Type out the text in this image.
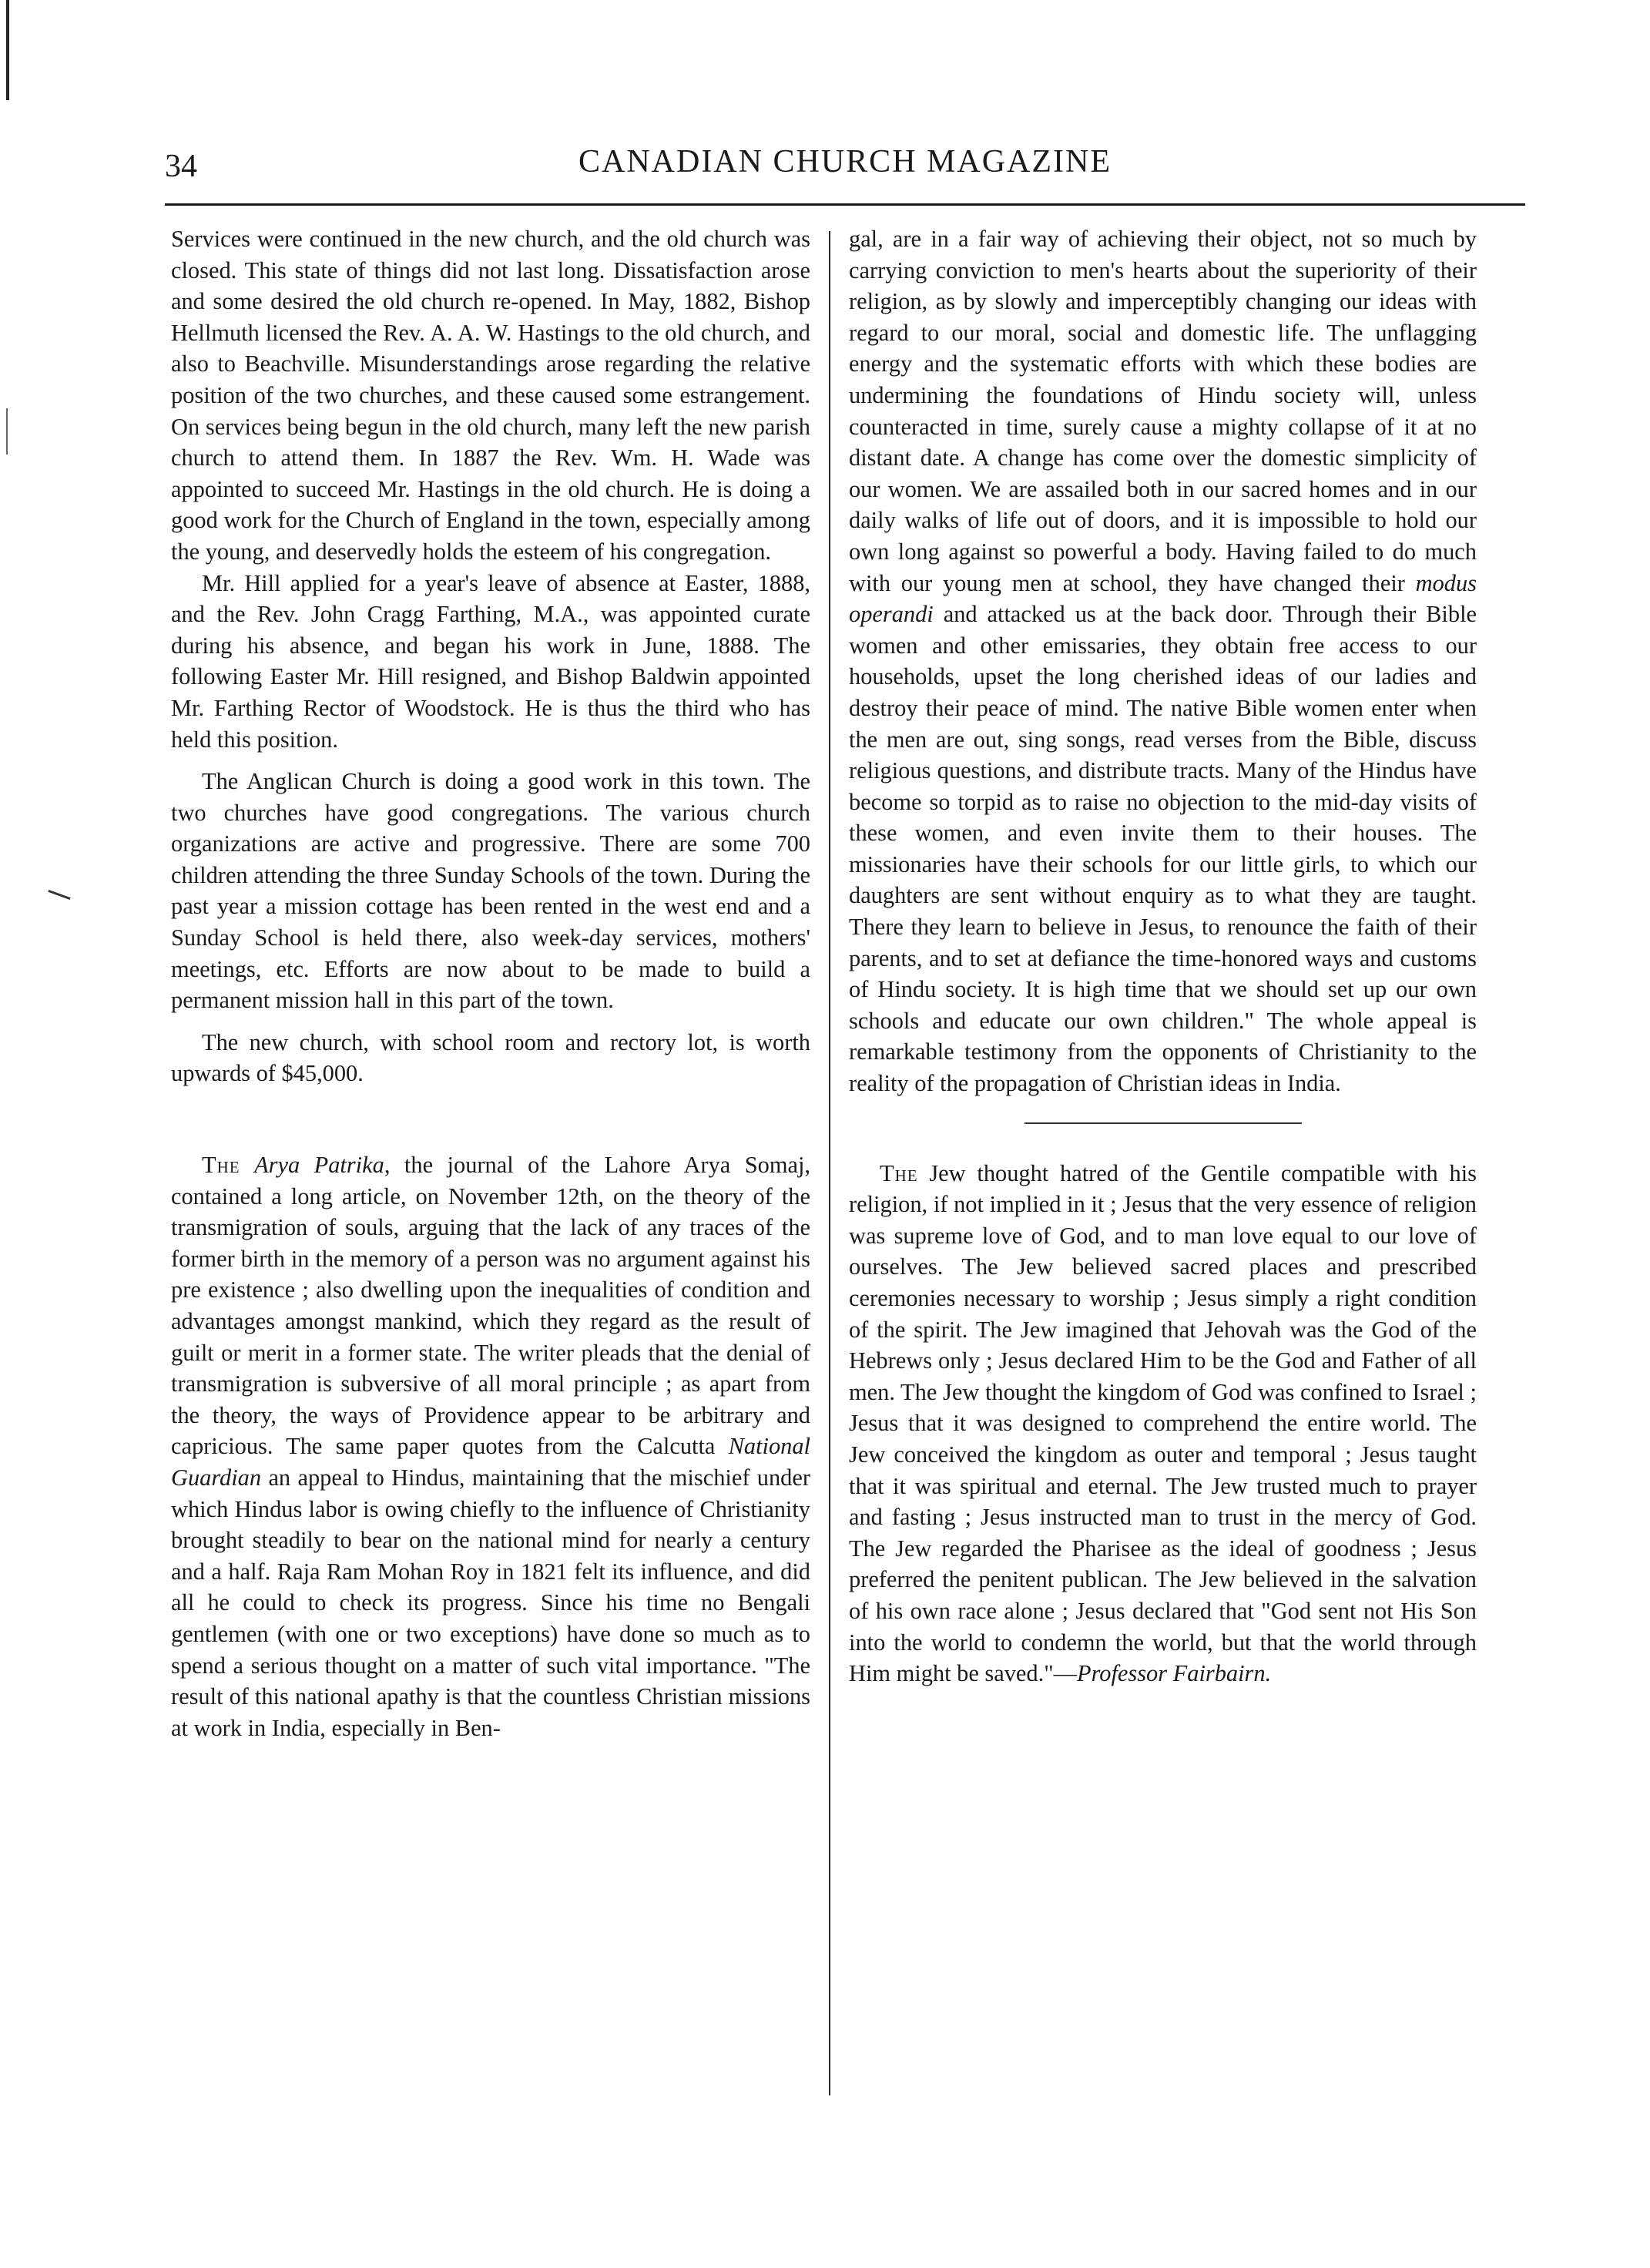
34	CANADIAN CHURCH MAGAZINE

Services were continued in the new church, and the old church was closed. This state of things did not last long. Dissatisfaction arose and some desired the old church re-opened. In May, 1882, Bishop Hellmuth licensed the Rev. A. A. W. Hastings to the old church, and also to Beachville. Misunderstandings arose regarding the relative position of the two churches, and these caused some estrangement. On services being begun in the old church, many left the new parish church to attend them. In 1887 the Rev. Wm. H. Wade was appointed to succeed Mr. Hastings in the old church. He is doing a good work for the Church of England in the town, especially among the young, and deservedly holds the esteem of his congregation.

Mr. Hill applied for a year's leave of absence at Easter, 1888, and the Rev. John Cragg Farthing, M.A., was appointed curate during his absence, and began his work in June, 1888. The following Easter Mr. Hill resigned, and Bishop Baldwin appointed Mr. Farthing Rector of Woodstock. He is thus the third who has held this position.

The Anglican Church is doing a good work in this town. The two churches have good congregations. The various church organizations are active and progressive. There are some 700 children attending the three Sunday Schools of the town. During the past year a mission cottage has been rented in the west end and a Sunday School is held there, also week-day services, mothers' meetings, etc. Efforts are now about to be made to build a permanent mission hall in this part of the town.

The new church, with school room and rectory lot, is worth upwards of $45,000.

The Arya Patrika, the journal of the Lahore Arya Somaj, contained a long article, on November 12th, on the theory of the transmigration of souls, arguing that the lack of any traces of the former birth in the memory of a person was no argument against his pre existence ; also dwelling upon the inequalities of condition and advantages amongst mankind, which they regard as the result of guilt or merit in a former state. The writer pleads that the denial of transmigration is subversive of all moral principle ; as apart from the theory, the ways of Providence appear to be arbitrary and capricious. The same paper quotes from the Calcutta National Guardian an appeal to Hindus, maintaining that the mischief under which Hindus labor is owing chiefly to the influence of Christianity brought steadily to bear on the national mind for nearly a century and a half. Raja Ram Mohan Roy in 1821 felt its influence, and did all he could to check its progress. Since his time no Bengali gentlemen (with one or two exceptions) have done so much as to spend a serious thought on a matter of such vital importance. "The result of this national apathy is that the countless Christian missions at work in India, especially in Ben-

gal, are in a fair way of achieving their object, not so much by carrying conviction to men's hearts about the superiority of their religion, as by slowly and imperceptibly changing our ideas with regard to our moral, social and domestic life. The unflagging energy and the systematic efforts with which these bodies are undermining the foundations of Hindu society will, unless counteracted in time, surely cause a mighty collapse of it at no distant date. A change has come over the domestic simplicity of our women. We are assailed both in our sacred homes and in our daily walks of life out of doors, and it is impossible to hold our own long against so powerful a body. Having failed to do much with our young men at school, they have changed their modus operandi and attacked us at the back door. Through their Bible women and other emissaries, they obtain free access to our households, upset the long cherished ideas of our ladies and destroy their peace of mind. The native Bible women enter when the men are out, sing songs, read verses from the Bible, discuss religious questions, and distribute tracts. Many of the Hindus have become so torpid as to raise no objection to the mid-day visits of these women, and even invite them to their houses. The missionaries have their schools for our little girls, to which our daughters are sent without enquiry as to what they are taught. There they learn to believe in Jesus, to renounce the faith of their parents, and to set at defiance the time-honored ways and customs of Hindu society. It is high time that we should set up our own schools and educate our own children." The whole appeal is remarkable testimony from the opponents of Christianity to the reality of the propagation of Christian ideas in India.

The Jew thought hatred of the Gentile compatible with his religion, if not implied in it ; Jesus that the very essence of religion was supreme love of God, and to man love equal to our love of ourselves. The Jew believed sacred places and prescribed ceremonies necessary to worship ; Jesus simply a right condition of the spirit. The Jew imagined that Jehovah was the God of the Hebrews only ; Jesus declared Him to be the God and Father of all men. The Jew thought the kingdom of God was confined to Israel ; Jesus that it was designed to comprehend the entire world. The Jew conceived the kingdom as outer and temporal ; Jesus taught that it was spiritual and eternal. The Jew trusted much to prayer and fasting ; Jesus instructed man to trust in the mercy of God. The Jew regarded the Pharisee as the ideal of goodness ; Jesus preferred the penitent publican. The Jew believed in the salvation of his own race alone ; Jesus declared that "God sent not His Son into the world to condemn the world, but that the world through Him might be saved."—Professor Fairbairn.
